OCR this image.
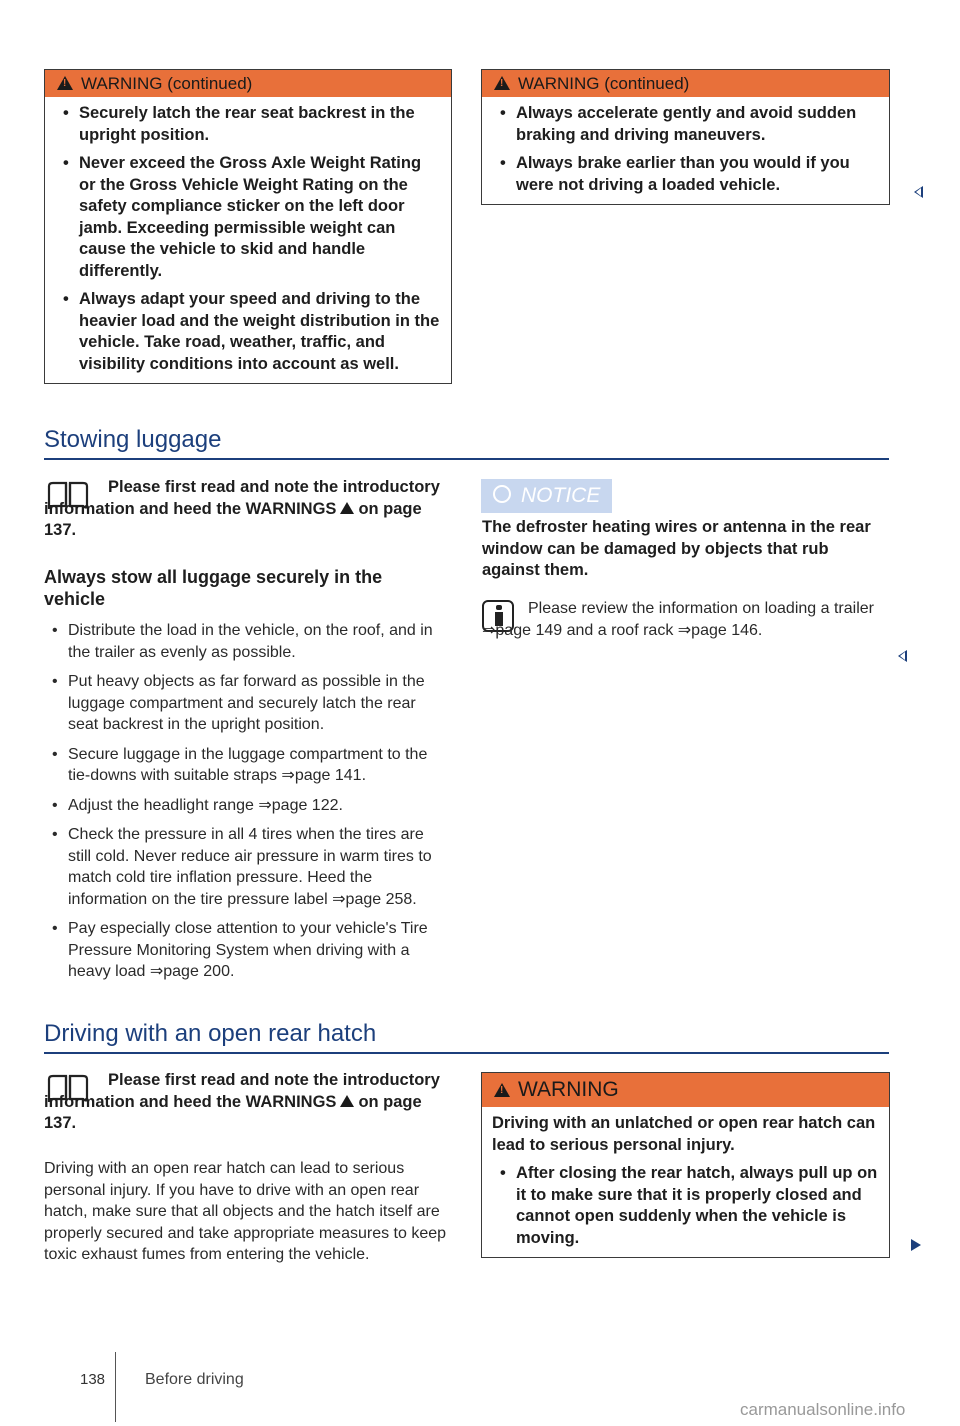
!WARNING (continued)

• Securely latch the rear seat backrest in the upright position.

• Never exceed the Gross Axle Weight Rating or the Gross Vehicle Weight Rating on the safety compliance sticker on the left door jamb. Exceeding permissible weight can cause the vehicle to skid and handle differently.

• Always adapt your speed and driving to the heavier load and the weight distribution in the vehicle. Take road, weather, traffic, and visibility conditions into account as well.

!WARNING (continued)

• Always accelerate gently and avoid sudden braking and driving maneuvers.

• Always brake earlier than you would if you were not driving a loaded vehicle.

Stowing luggage
Please first read and note the introductory information and heed the WARNINGS on page 137.
Always stow all luggage securely in the vehicle

• Distribute the load in the vehicle, on the roof, and in the trailer as evenly as possible.

• Put heavy objects as far forward as possible in the luggage compartment and securely latch the rear seat backrest in the upright position.

• Secure luggage in the luggage compartment to the tie-downs with suitable straps ⇒page 141.

• Adjust the headlight range ⇒page 122.

• Check the pressure in all 4 tires when the tires are still cold. Never reduce air pressure in warm tires to match cold tire inflation pressure. Heed the information on the tire pressure label ⇒page 258.

• Pay especially close attention to your vehicle's Tire Pressure Monitoring System when driving with a heavy load ⇒page 200.

NOTICE

The defroster heating wires or antenna in the rear window can be damaged by objects that rub against them.

Please review the information on loading a trailer ⇒page 149 and a roof rack ⇒page 146.

Driving with an open rear hatch
Please first read and note the introductory information and heed the WARNINGS on page 137.

Driving with an open rear hatch can lead to serious personal injury. If you have to drive with an open rear hatch, make sure that all objects and the hatch itself are properly secured and take appropriate measures to keep toxic exhaust fumes from entering the vehicle.

!WARNING

Driving with an unlatched or open rear hatch can lead to serious personal injury.

• After closing the rear hatch, always pull up on it to make sure that it is properly closed and cannot open suddenly when the vehicle is moving.

138 Before driving
carmanualsonline.info
